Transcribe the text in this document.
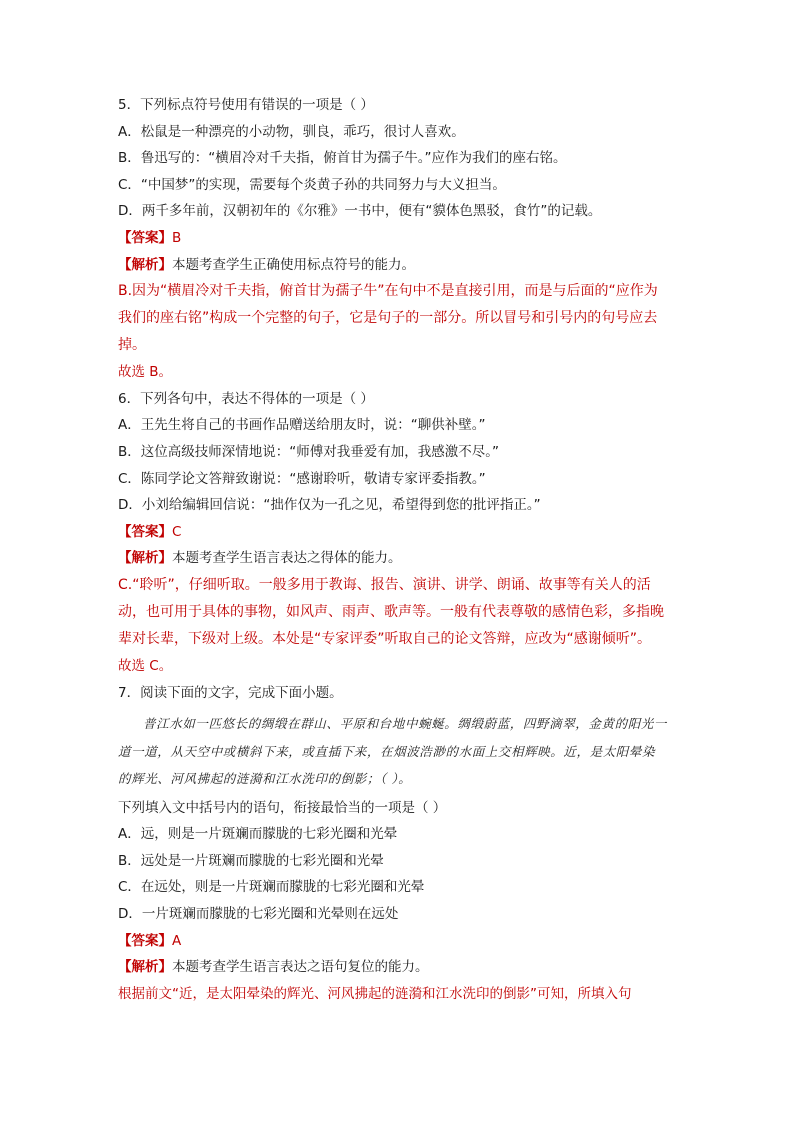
5．下列标点符号使用有错误的一项是（ ）
A．松鼠是一种漂亮的小动物，驯良，乖巧，很讨人喜欢。
B．鲁迅写的：“横眉冷对千夫指，俯首甘为孺子牛。”应作为我们的座右铭。
C．“中国梦”的实现，需要每个炎黄子孙的共同努力与大义担当。
D．两千多年前，汉朝初年的《尔雅》一书中，便有“貘体色黑驳，食竹”的记载。
【答案】B
【解析】本题考查学生正确使用标点符号的能力。
B.因为“横眉冷对千夫指，俯首甘为孺子牛”在句中不是直接引用，而是与后面的“应作为我们的座右铭”构成一个完整的句子，它是句子的一部分。所以冒号和引号内的句号应去掉。
故选 B。
6．下列各句中，表达不得体的一项是（ ）
A．王先生将自己的书画作品赠送给朋友时，说：“聊供补壁。”
B．这位高级技师深情地说：“师傅对我垂爱有加，我感激不尽。”
C．陈同学论文答辩致谢说：“感谢聆听，敬请专家评委指教。”
D．小刘给编辑回信说：“拙作仅为一孔之见，希望得到您的批评指正。”
【答案】C
【解析】本题考查学生语言表达之得体的能力。
C.“聆听”，仔细听取。一般多用于教诲、报告、演讲、讲学、朗诵、故事等有关人的活动，也可用于具体的事物，如风声、雨声、歌声等。一般有代表尊敬的感情色彩，多指晚辈对长辈，下级对上级。本处是“专家评委”听取自己的论文答辩，应改为“感谢倾听”。
故选 C。
7．阅读下面的文字，完成下面小题。
普江水如一匹悠长的绸缎在群山、平原和台地中蜿蜒。绸缎蔚蓝，四野滴翠，金黄的阳光一道一道，从天空中或横斜下来，或直插下来，在烟波浩渺的水面上交相辉映。近，是太阳晕染的辉光、河风拂起的涟漪和江水洗印的倒影；（ ）。
下列填入文中括号内的语句，衔接最恰当的一项是（ ）
A．远，则是一片斑斓而朦胧的七彩光圈和光晕
B．远处是一片斑斓而朦胧的七彩光圈和光晕
C．在远处，则是一片斑斓而朦胧的七彩光圈和光晕
D．一片斑斓而朦胧的七彩光圈和光晕则在远处
【答案】A
【解析】本题考查学生语言表达之语句复位的能力。
根据前文“近，是太阳晕染的辉光、河风拂起的涟漪和江水洗印的倒影”可知，所填入句
